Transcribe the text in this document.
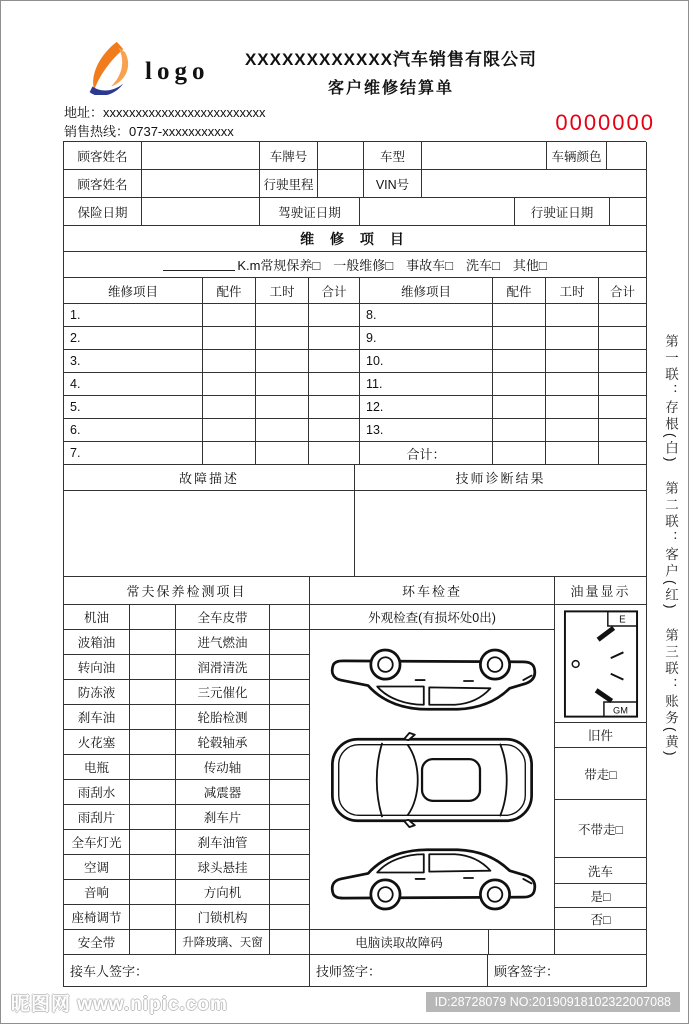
logo	XXXXXXXXXXXX汽车销售有限公司
客户维修结算单
地址：xxxxxxxxxxxxxxxxxxxxxxxxx
销售热线：0737-xxxxxxxxxxx	0000000
顾客姓名	车牌号	车型	车辆颜色
顾客姓名	行驶里程	VIN号
保险日期	驾驶证日期	行驶证日期
维 修 项 目
K.m常规保养□　一般维修□　事故车□　洗车□　其他□
维修项目	配件	工时	合计	维修项目	配件	工时	合计
1.	8.
2.	9.
3.	10.
4.	11.
5.	12.
6.	13.
7.	合计：
故障描述	技师诊断结果
常夫保养检测项目	环车检查	油量显示
机油	全车皮带
波箱油	进气燃油
转向油	润滑清洗
防冻液	三元催化
刹车油	轮胎检测
火花塞	轮毂轴承
电瓶	传动轴
雨刮水	减震器
雨刮片	刹车片
全车灯光	刹车油管
空调	球头悬挂
音响	方向机
座椅调节	门锁机构
安全带	升降玻璃、天窗
外观检查(有损坏处0出)
电脑读取故障码
E
GM
旧件
带走□
不带走□
洗车
是□
否□
接车人签字：	技师签字：	顾客签字：
第一联：存根(白)　第二联：客户(红)　第三联：账务(黄)
昵图网 www.nipic.com	ID:28728079 NO:20190918102322007088
